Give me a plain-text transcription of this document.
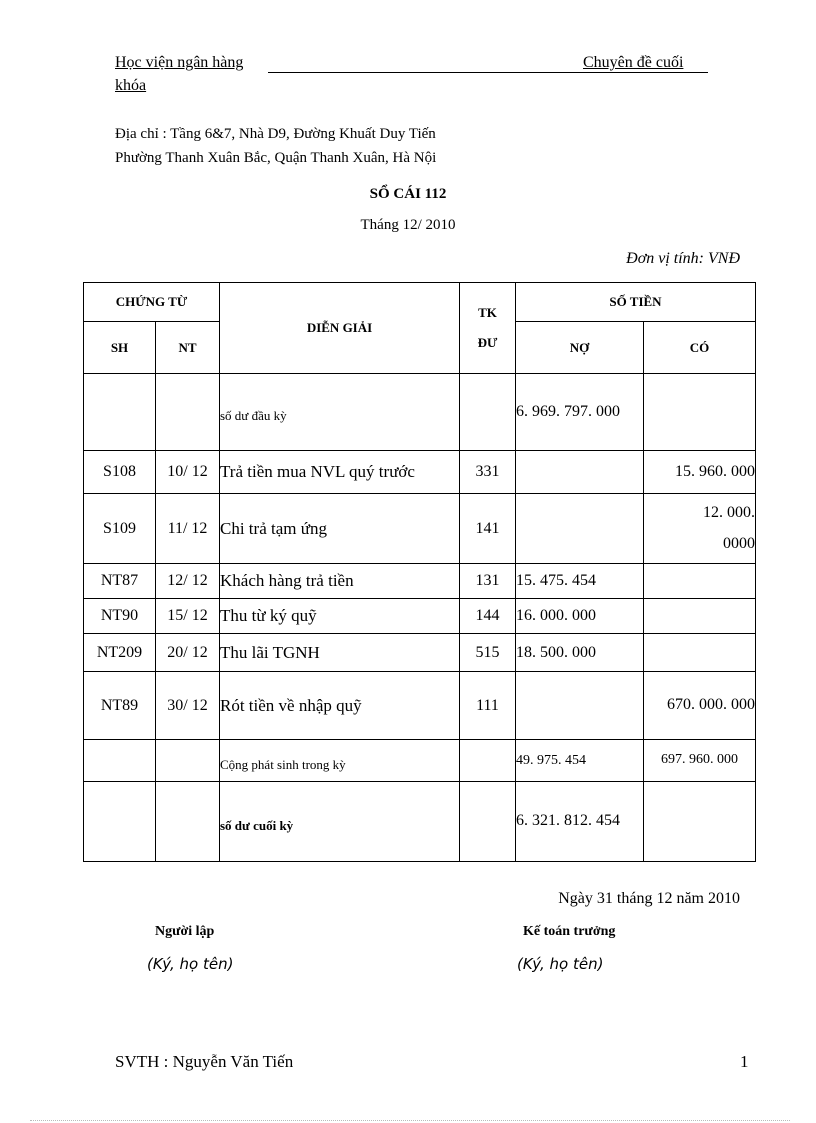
Học viện ngân hàng	Chuyên đề cuối
khóa
Địa chỉ : Tầng 6&7, Nhà D9, Đường Khuất Duy Tiến
Phường Thanh Xuân Bắc, Quận Thanh Xuân, Hà Nội
SỔ CÁI 112
Tháng 12/ 2010
Đơn vị tính: VNĐ
CHỨNG TỪ		DIỄN GIẢI	TK
ĐƯ	SỐ TIỀN	
SH	NT			NỢ	CÓ
		số dư đầu kỳ		6. 969. 797. 000	
S108	10/ 12	Trả tiền mua NVL quý trước	331		15. 960. 000
S109	11/ 12	Chi trả tạm ứng	141		12. 000. 0000

NT87	12/ 12	Khách hàng trả tiền	131	15. 475. 454	
NT90	15/ 12	Thu từ ký quỹ	144	16. 000. 000	
NT209	20/ 12	Thu lãi TGNH	515	18. 500. 000	
NT89	30/ 12	Rót tiền về nhập quỹ	111		670. 000. 000

		Cộng phát sinh trong kỳ		49. 975. 454	697. 960. 000
		số dư cuối kỳ		6. 321. 812. 454	
Ngày 31 tháng 12 năm 2010
Người lập	Kế toán trưởng
(Ký, họ tên)	(Ký, họ tên)
SVTH : Nguyễn Văn Tiến	1
